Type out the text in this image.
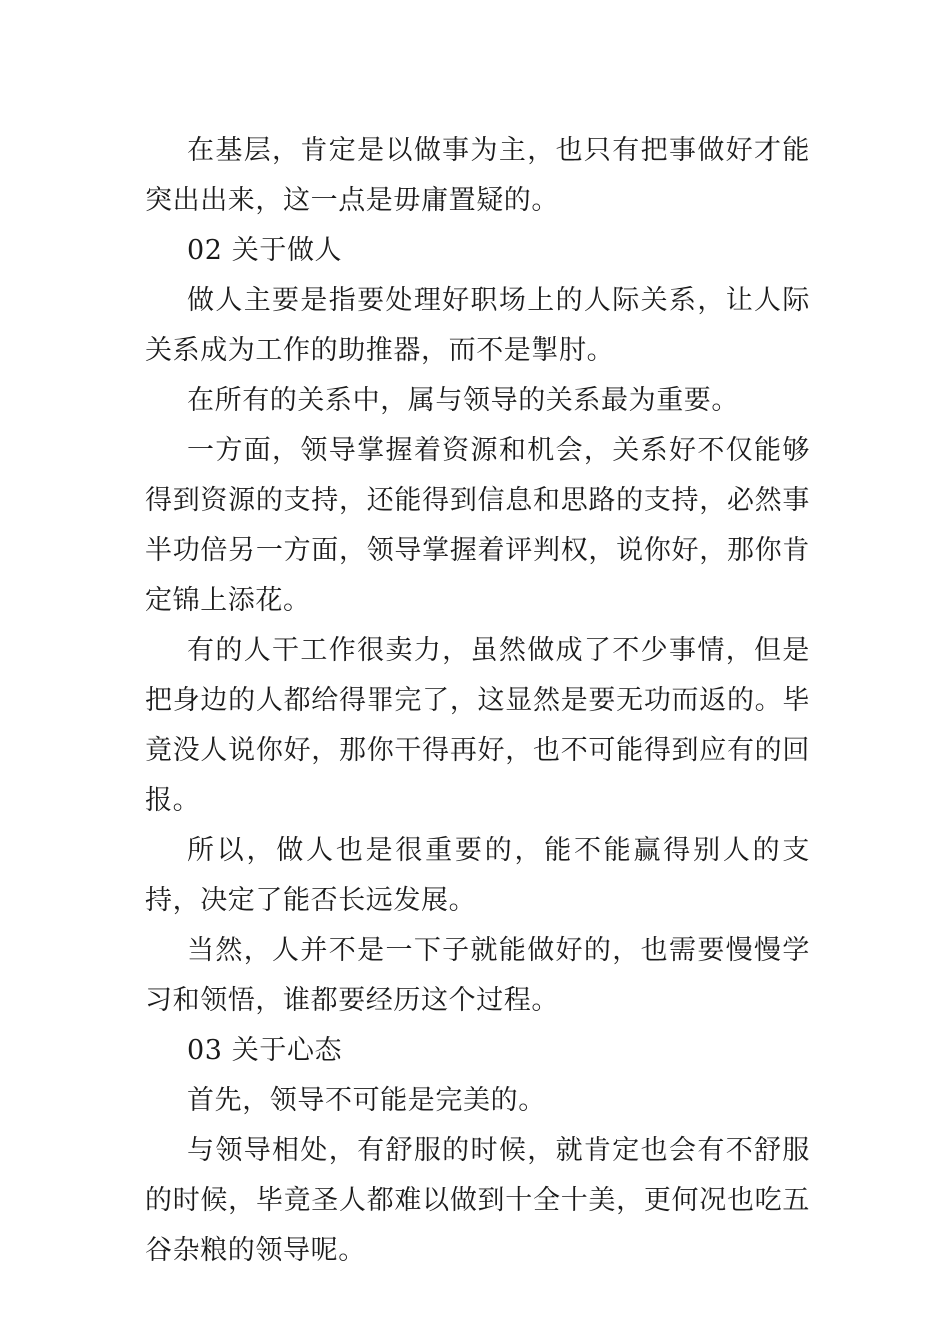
在基层，肯定是以做事为主，也只有把事做好才能突出出来，这一点是毋庸置疑的。

02 关于做人

做人主要是指要处理好职场上的人际关系，让人际关系成为工作的助推器，而不是掣肘。

在所有的关系中，属与领导的关系最为重要。

一方面，领导掌握着资源和机会，关系好不仅能够得到资源的支持，还能得到信息和思路的支持，必然事半功倍另一方面，领导掌握着评判权，说你好，那你肯定锦上添花。

有的人干工作很卖力，虽然做成了不少事情，但是把身边的人都给得罪完了，这显然是要无功而返的。毕竟没人说你好，那你干得再好，也不可能得到应有的回报。

所以，做人也是很重要的，能不能赢得别人的支持，决定了能否长远发展。

当然，人并不是一下子就能做好的，也需要慢慢学习和领悟，谁都要经历这个过程。

03 关于心态

首先，领导不可能是完美的。

与领导相处，有舒服的时候，就肯定也会有不舒服的时候，毕竟圣人都难以做到十全十美，更何况也吃五谷杂粮的领导呢。
